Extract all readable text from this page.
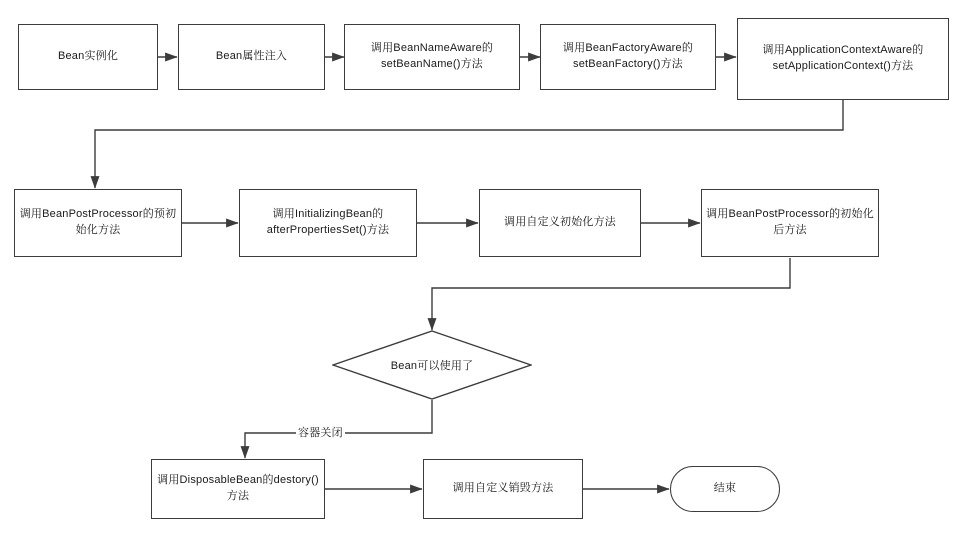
Bean实例化	Bean属性注入
调用BeanNameAware的setBeanName()方法
调用BeanFactoryAware的setBeanFactory()方法
调用ApplicationContextAware的setApplicationContext()方法
调用BeanPostProcessor的预初始化方法
调用InitializingBean的afterPropertiesSet()方法
调用自定义初始化方法
调用BeanPostProcessor的初始化后方法
Bean可以使用了
容器关闭
调用DisposableBean的destory()方法
调用自定义销毁方法	结束
